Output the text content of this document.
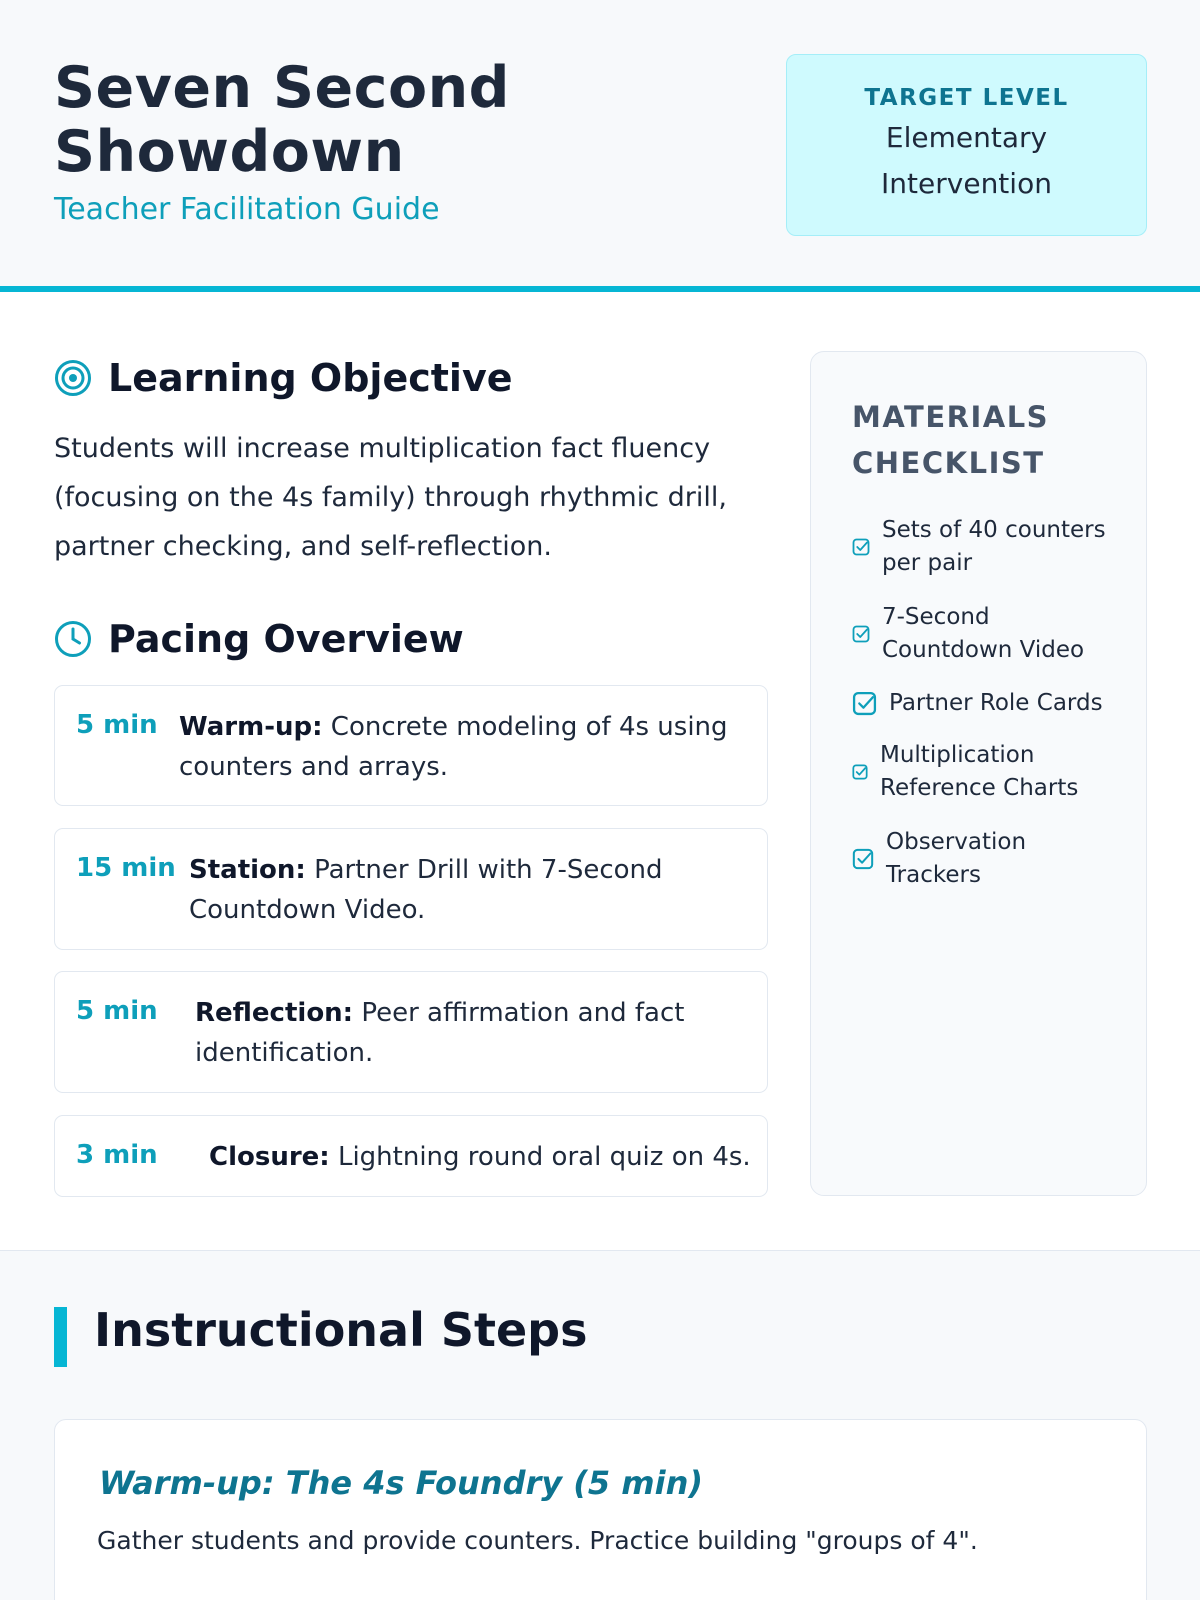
Seven Second
Showdown
Teacher Facilitation Guide
TARGET LEVEL
Elementary
Intervention
Learning Objective
Students will increase multiplication fact fluency (focusing on the 4s family) through rhythmic drill, partner checking, and self-reflection.
Pacing Overview
5 min Warm-up: Concrete modeling of 4s using counters and arrays.
15 min Station: Partner Drill with 7-Second Countdown Video.
5 min Reflection: Peer affirmation and fact identification.
3 min Closure: Lightning round oral quiz on 4s.
MATERIALS
CHECKLIST
Sets of 40 counters
per pair
7-Second
Countdown Video
Partner Role Cards
Multiplication
Reference Charts
Observation
Trackers
Instructional Steps
Warm-up: The 4s Foundry (5 min)
Gather students and provide counters. Practice building "groups of 4".
